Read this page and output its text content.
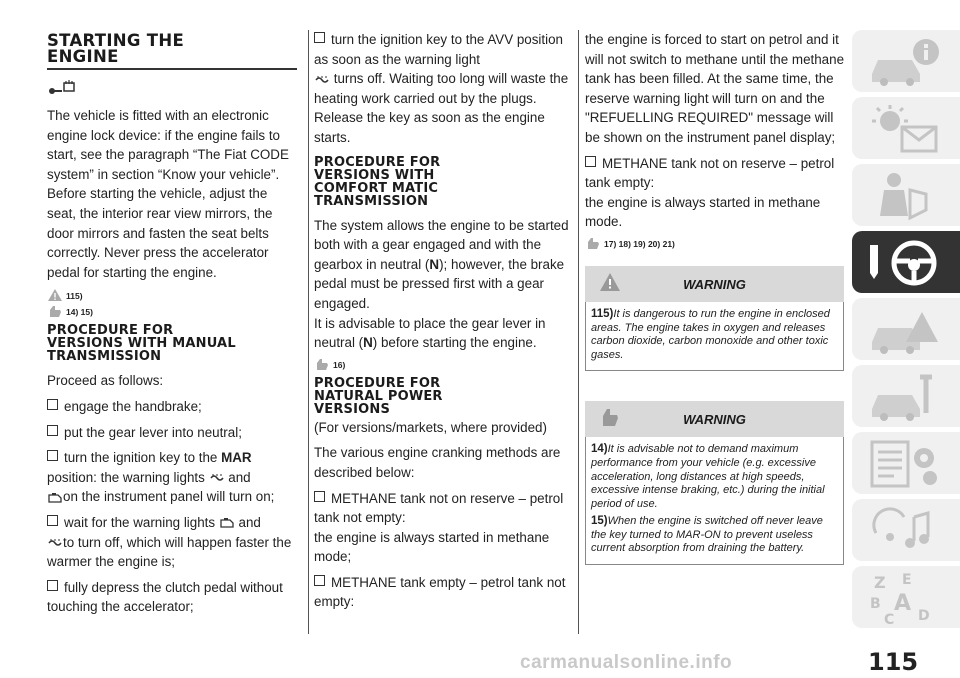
STARTING THE
ENGINE

The vehicle is fitted with an electronic engine lock device: if the engine fails to start, see the paragraph “The Fiat CODE system” in section “Know your vehicle”.

Before starting the vehicle, adjust the seat, the interior rear view mirrors, the door mirrors and fasten the seat belts correctly. Never press the accelerator pedal for starting the engine.

115)
14) 15)
PROCEDURE FOR
VERSIONS WITH MANUAL
TRANSMISSION

Proceed as follows:

engage the handbrake;

put the gear lever into neutral;

turn the ignition key to the MAR
position: the warning lights  and
on the instrument panel will turn on;

wait for the warning lights  and
to turn off, which will happen faster the warmer the engine is;

fully depress the clutch pedal without touching the accelerator;

turn the ignition key to the AVV position as soon as the warning light
turns off. Waiting too long will waste the heating work carried out by the plugs.

Release the key as soon as the engine starts.

PROCEDURE FOR
VERSIONS WITH
COMFORT MATIC
TRANSMISSION

The system allows the engine to be started both with a gear engaged and with the gearbox in neutral (N); however, the brake pedal must be pressed first with a gear engaged.

It is advisable to place the gear lever in neutral (N) before starting the engine.

16)
PROCEDURE FOR
NATURAL POWER
VERSIONS

(For versions/markets, where provided)

The various engine cranking methods are described below:

METHANE tank not on reserve – petrol tank not empty:

the engine is always started in methane mode;

METHANE tank empty – petrol tank not empty:

the engine is forced to start on petrol and it will not switch to methane until the methane tank has been filled. At the same time, the reserve warning light will turn on and the "REFUELLING REQUIRED" message will be shown on the instrument panel display;

METHANE tank not on reserve – petrol tank empty:

the engine is always started in methane mode.

17) 18) 19) 20) 21)
WARNING
115)It is dangerous to run the engine in enclosed areas. The engine takes in oxygen and releases carbon dioxide, carbon monoxide and other toxic gases.
WARNING
14)It is advisable not to demand maximum performance from your vehicle (e.g. excessive acceleration, long distances at high speeds, excessive intense braking, etc.) during the initial period of use.
15)When the engine is switched off never leave the key turned to MAR-ON to prevent useless current absorption from draining the battery.
Z E
B A
C D
carmanualsonline.info	115
